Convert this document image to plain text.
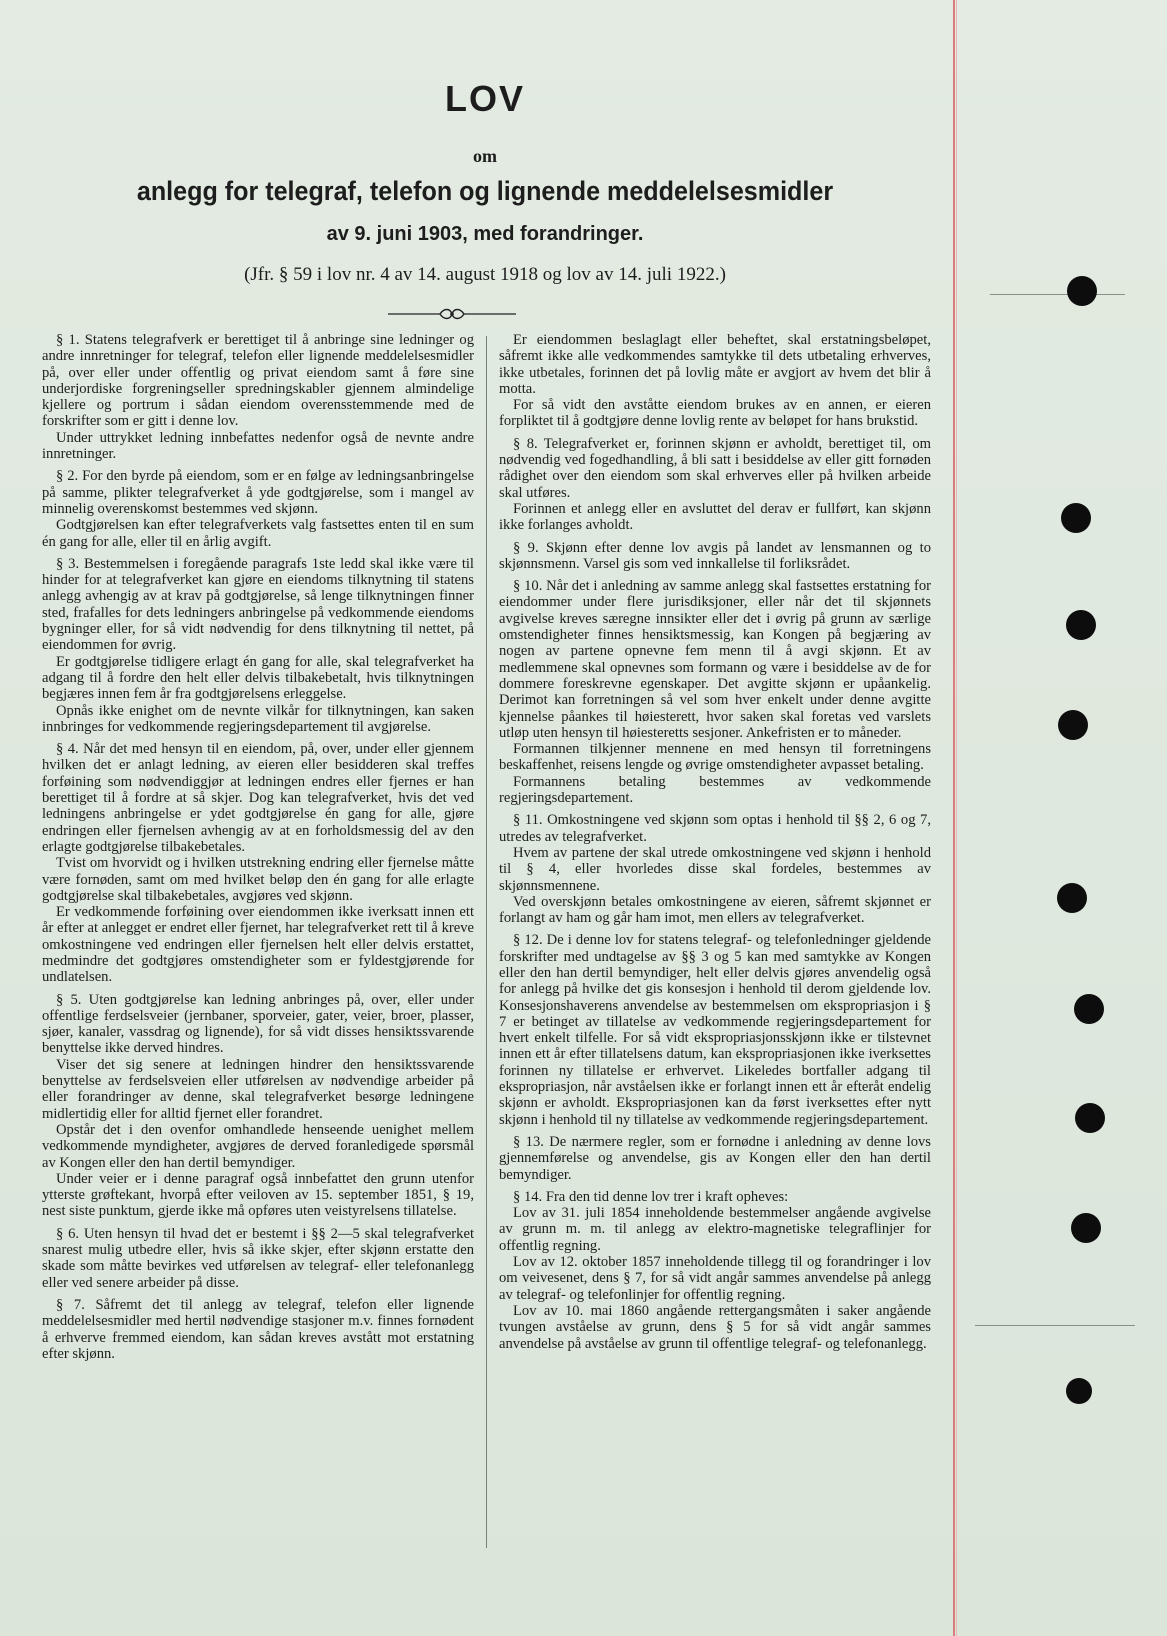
LOV
om
anlegg for telegraf, telefon og lignende meddelelsesmidler
av 9. juni 1903, med forandringer.
(Jfr. § 59 i lov nr. 4 av 14. august 1918 og lov av 14. juli 1922.)

§ 1. Statens telegrafverk er berettiget til å anbringe sine ledninger og andre innretninger for telegraf, telefon eller lignende meddelelsesmidler på, over eller under offentlig og privat eiendom samt å føre sine underjordiske forgreningseller spredningskabler gjennem almindelige kjellere og portrum i sådan eiendom overensstemmende med de forskrifter som er gitt i denne lov.

Under uttrykket ledning innbefattes nedenfor også de nevnte andre innretninger.

§ 2. For den byrde på eiendom, som er en følge av ledningsanbringelse på samme, plikter telegrafverket å yde godtgjørelse, som i mangel av minnelig overenskomst bestemmes ved skjønn.

Godtgjørelsen kan efter telegrafverkets valg fastsettes enten til en sum én gang for alle, eller til en årlig avgift.

§ 3. Bestemmelsen i foregående paragrafs 1ste ledd skal ikke være til hinder for at telegrafverket kan gjøre en eiendoms tilknytning til statens anlegg avhengig av at krav på godtgjørelse, så lenge tilknytningen finner sted, frafalles for dets ledningers anbringelse på vedkommende eiendoms bygninger eller, for så vidt nødvendig for dens tilknytning til nettet, på eiendommen for øvrig.

Er godtgjørelse tidligere erlagt én gang for alle, skal telegrafverket ha adgang til å fordre den helt eller delvis tilbakebetalt, hvis tilknytningen begjæres innen fem år fra godtgjørelsens erleggelse.

Opnås ikke enighet om de nevnte vilkår for tilknytningen, kan saken innbringes for vedkommende regjeringsdepartement til avgjørelse.

§ 4. Når det med hensyn til en eiendom, på, over, under eller gjennem hvilken det er anlagt ledning, av eieren eller besidderen skal treffes forføining som nødvendiggjør at ledningen endres eller fjernes er han berettiget til å fordre at så skjer. Dog kan telegrafverket, hvis det ved ledningens anbringelse er ydet godtgjørelse én gang for alle, gjøre endringen eller fjernelsen avhengig av at en forholdsmessig del av den erlagte godtgjørelse tilbakebetales.

Tvist om hvorvidt og i hvilken utstrekning endring eller fjernelse måtte være fornøden, samt om med hvilket beløp den én gang for alle erlagte godtgjørelse skal tilbakebetales, avgjøres ved skjønn.

Er vedkommende forføining over eiendommen ikke iverksatt innen ett år efter at anlegget er endret eller fjernet, har telegrafverket rett til å kreve omkostningene ved endringen eller fjernelsen helt eller delvis erstattet, medmindre det godtgjøres omstendigheter som er fyldestgjørende for undlatelsen.

§ 5. Uten godtgjørelse kan ledning anbringes på, over, eller under offentlige ferdselsveier (jernbaner, sporveier, gater, veier, broer, plasser, sjøer, kanaler, vassdrag og lignende), for så vidt disses hensiktssvarende benyttelse ikke derved hindres.

Viser det sig senere at ledningen hindrer den hensiktssvarende benyttelse av ferdselsveien eller utførelsen av nødvendige arbeider på eller forandringer av denne, skal telegrafverket besørge ledningene midlertidig eller for alltid fjernet eller forandret.

Opstår det i den ovenfor omhandlede henseende uenighet mellem vedkommende myndigheter, avgjøres de derved foranledigede spørsmål av Kongen eller den han dertil bemyndiger.

Under veier er i denne paragraf også innbefattet den grunn utenfor ytterste grøftekant, hvorpå efter veiloven av 15. september 1851, § 19, nest siste punktum, gjerde ikke må opføres uten veistyrelsens tillatelse.

§ 6. Uten hensyn til hvad det er bestemt i §§ 2—5 skal telegrafverket snarest mulig utbedre eller, hvis så ikke skjer, efter skjønn erstatte den skade som måtte bevirkes ved utførelsen av telegraf- eller telefonanlegg eller ved senere arbeider på disse.

§ 7. Såfremt det til anlegg av telegraf, telefon eller lignende meddelelsesmidler med hertil nødvendige stasjoner m.v. finnes fornødent å erhverve fremmed eiendom, kan sådan kreves avstått mot erstatning efter skjønn.

Er eiendommen beslaglagt eller beheftet, skal erstatningsbeløpet, såfremt ikke alle vedkommendes samtykke til dets utbetaling erhverves, ikke utbetales, forinnen det på lovlig måte er avgjort av hvem det blir å motta.

For så vidt den avståtte eiendom brukes av en annen, er eieren forpliktet til å godtgjøre denne lovlig rente av beløpet for hans brukstid.

§ 8. Telegrafverket er, forinnen skjønn er avholdt, berettiget til, om nødvendig ved fogedhandling, å bli satt i besiddelse av eller gitt fornøden rådighet over den eiendom som skal erhverves eller på hvilken arbeide skal utføres.

Forinnen et anlegg eller en avsluttet del derav er fullført, kan skjønn ikke forlanges avholdt.

§ 9. Skjønn efter denne lov avgis på landet av lensmannen og to skjønnsmenn. Varsel gis som ved innkallelse til forliksrådet.

§ 10. Når det i anledning av samme anlegg skal fastsettes erstatning for eiendommer under flere jurisdiksjoner, eller når det til skjønnets avgivelse kreves særegne innsikter eller det i øvrig på grunn av særlige omstendigheter finnes hensiktsmessig, kan Kongen på begjæring av nogen av partene opnevne fem menn til å avgi skjønn. Et av medlemmene skal opnevnes som formann og være i besiddelse av de for dommere foreskrevne egenskaper. Det avgitte skjønn er upåankelig. Derimot kan forretningen så vel som hver enkelt under denne avgitte kjennelse påankes til høiesterett, hvor saken skal foretas ved varslets utløp uten hensyn til høiesteretts sesjoner. Ankefristen er to måneder.

Formannen tilkjenner mennene en med hensyn til forretningens beskaffenhet, reisens lengde og øvrige omstendigheter avpasset betaling.

Formannens betaling bestemmes av vedkommende regjeringsdepartement.

§ 11. Omkostningene ved skjønn som optas i henhold til §§ 2, 6 og 7, utredes av telegrafverket.

Hvem av partene der skal utrede omkostningene ved skjønn i henhold til § 4, eller hvorledes disse skal fordeles, bestemmes av skjønnsmennene.

Ved overskjønn betales omkostningene av eieren, såfremt skjønnet er forlangt av ham og går ham imot, men ellers av telegrafverket.

§ 12. De i denne lov for statens telegraf- og telefonledninger gjeldende forskrifter med undtagelse av §§ 3 og 5 kan med samtykke av Kongen eller den han dertil bemyndiger, helt eller delvis gjøres anvendelig også for anlegg på hvilke det gis konsesjon i henhold til derom gjeldende lov. Konsesjonshaverens anvendelse av bestemmelsen om ekspropriasjon i § 7 er betinget av tillatelse av vedkommende regjeringsdepartement for hvert enkelt tilfelle. For så vidt ekspropriasjonsskjønn ikke er tilstevnet innen ett år efter tillatelsens datum, kan ekspropriasjonen ikke iverksettes forinnen ny tillatelse er erhvervet. Likeledes bortfaller adgang til ekspropriasjon, når avståelsen ikke er forlangt innen ett år efteråt endelig skjønn er avholdt. Ekspropriasjonen kan da først iverksettes efter nytt skjønn i henhold til ny tillatelse av vedkommende regjeringsdepartement.

§ 13. De nærmere regler, som er fornødne i anledning av denne lovs gjennemførelse og anvendelse, gis av Kongen eller den han dertil bemyndiger.

§ 14. Fra den tid denne lov trer i kraft opheves:

Lov av 31. juli 1854 inneholdende bestemmelser angående avgivelse av grunn m. m. til anlegg av elektro-magnetiske telegraflinjer for offentlig regning.

Lov av 12. oktober 1857 inneholdende tillegg til og forandringer i lov om veivesenet, dens § 7, for så vidt angår sammes anvendelse på anlegg av telegraf- og telefonlinjer for offentlig regning.

Lov av 10. mai 1860 angående rettergangsmåten i saker angående tvungen avståelse av grunn, dens § 5 for så vidt angår sammes anvendelse på avståelse av grunn til offentlige telegraf- og telefonanlegg.
